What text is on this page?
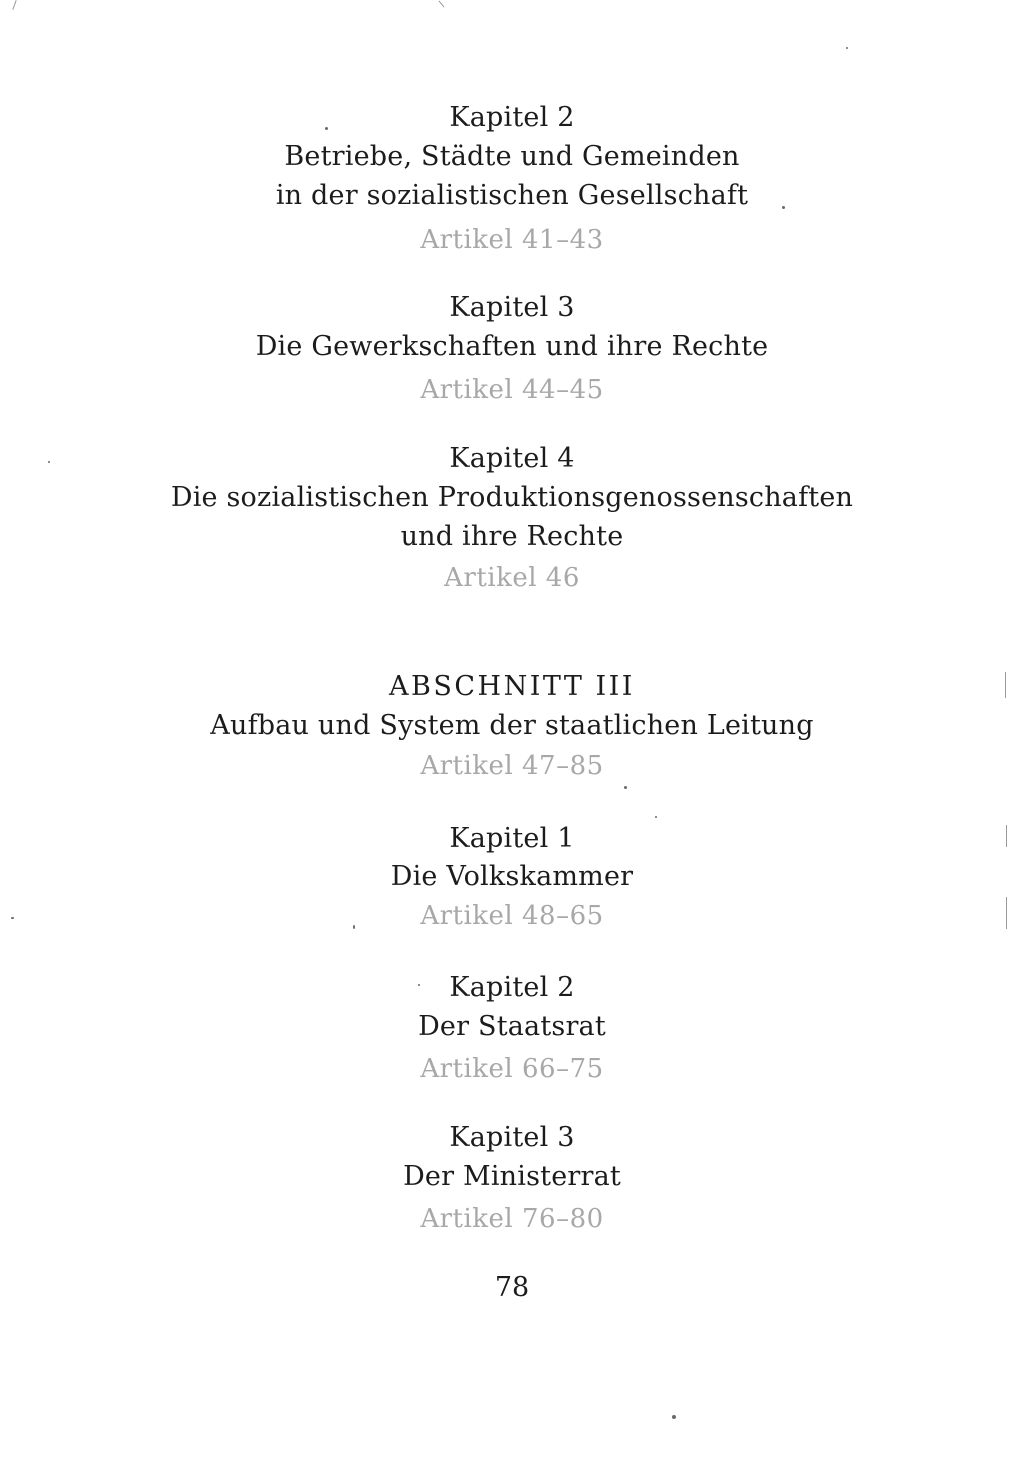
Kapitel 2
Betriebe, Städte und Gemeinden
in der sozialistischen Gesellschaft
Artikel 41–43
Kapitel 3
Die Gewerkschaften und ihre Rechte
Artikel 44–45
Kapitel 4
Die sozialistischen Produktionsgenossenschaften
und ihre Rechte
Artikel 46
ABSCHNITT III
Aufbau und System der staatlichen Leitung
Artikel 47–85
Kapitel 1
Die Volkskammer
Artikel 48–65
Kapitel 2
Der Staatsrat
Artikel 66–75
Kapitel 3
Der Ministerrat
Artikel 76–80
78
